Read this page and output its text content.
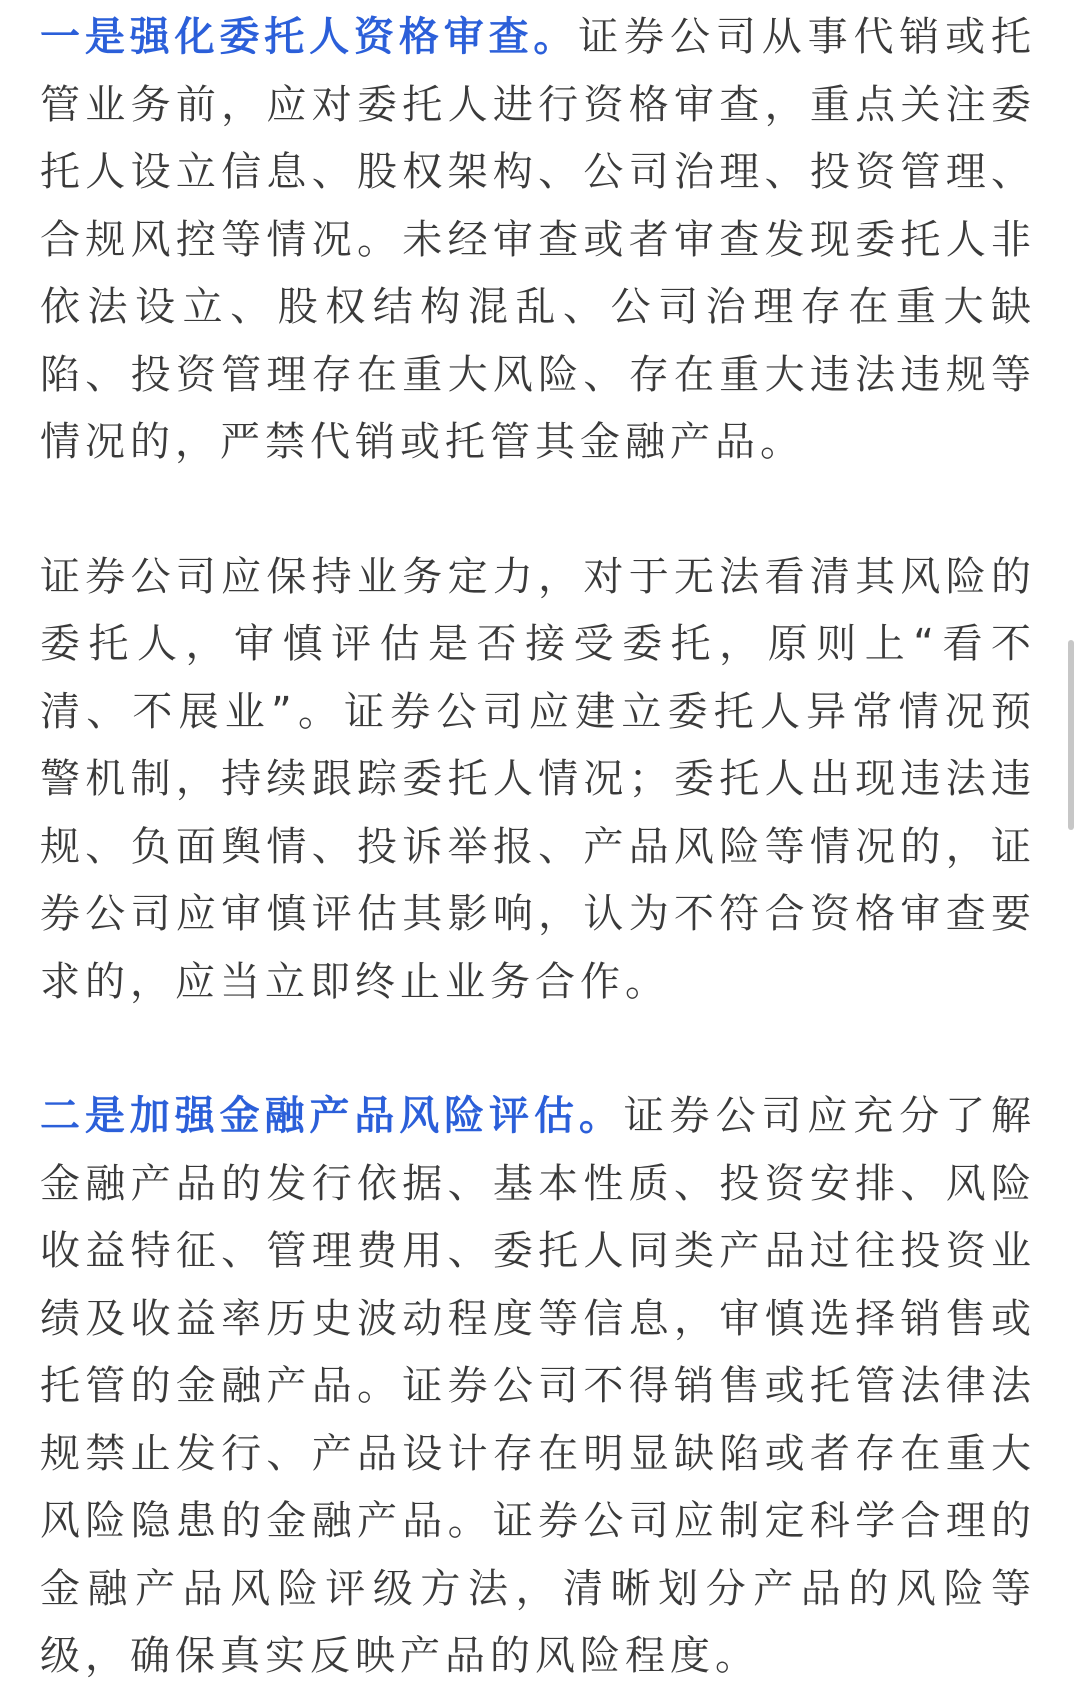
一是强化委托人资格审查。证券公司从事代销或托管业务前，应对委托人进行资格审查，重点关注委托人设立信息、股权架构、公司治理、投资管理、合规风控等情况。未经审查或者审查发现委托人非依法设立、股权结构混乱、公司治理存在重大缺陷、投资管理存在重大风险、存在重大违法违规等情况的，严禁代销或托管其金融产品。

证券公司应保持业务定力，对于无法看清其风险的委托人，审慎评估是否接受委托，原则上“看不清、不展业”。证券公司应建立委托人异常情况预警机制，持续跟踪委托人情况；委托人出现违法违规、负面舆情、投诉举报、产品风险等情况的，证券公司应审慎评估其影响，认为不符合资格审查要求的，应当立即终止业务合作。

二是加强金融产品风险评估。证券公司应充分了解金融产品的发行依据、基本性质、投资安排、风险收益特征、管理费用、委托人同类产品过往投资业绩及收益率历史波动程度等信息，审慎选择销售或托管的金融产品。证券公司不得销售或托管法律法规禁止发行、产品设计存在明显缺陷或者存在重大风险隐患的金融产品。证券公司应制定科学合理的金融产品风险评级方法，清晰划分产品的风险等级，确保真实反映产品的风险程度。
